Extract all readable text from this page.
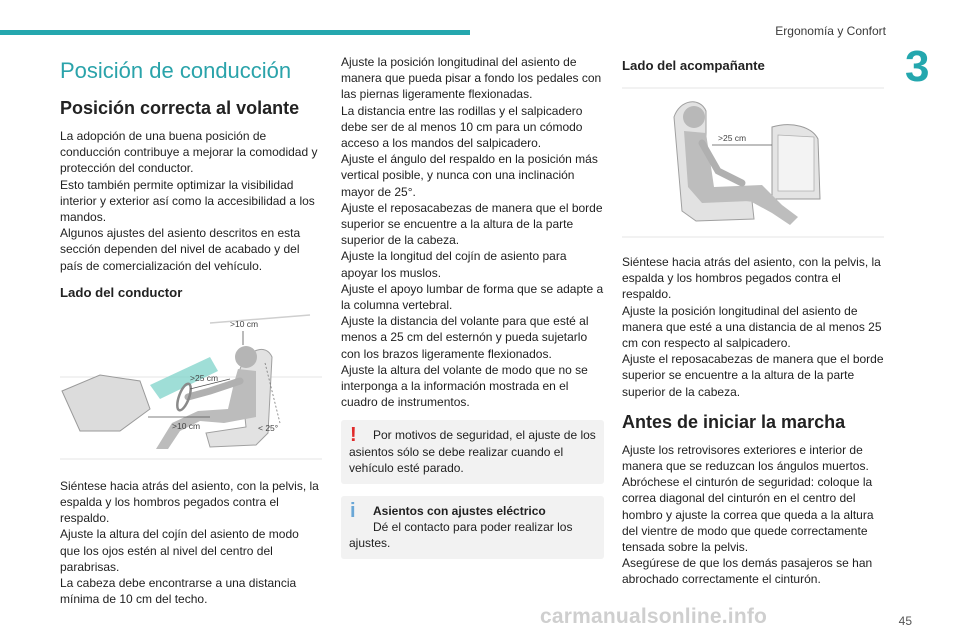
Ergonomía y Confort
3
Posición de conducción
Posición correcta al volante

La adopción de una buena posición de conducción contribuye a mejorar la comodidad y protección del conductor.

Esto también permite optimizar la visibilidad interior y exterior así como la accesibilidad a los mandos.

Algunos ajustes del asiento descritos en esta sección dependen del nivel de acabado y del país de comercialización del vehículo.

Lado del conductor
>10 cm
>25 cm
>10 cm	< 25°

Siéntese hacia atrás del asiento, con la pelvis, la espalda y los hombros pegados contra el respaldo.

Ajuste la altura del cojín del asiento de modo que los ojos estén al nivel del centro del parabrisas.

La cabeza debe encontrarse a una distancia mínima de 10 cm del techo.

Ajuste la posición longitudinal del asiento de manera que pueda pisar a fondo los pedales con las piernas ligeramente flexionadas.

La distancia entre las rodillas y el salpicadero debe ser de al menos 10 cm para un cómodo acceso a los mandos del salpicadero.

Ajuste el ángulo del respaldo en la posición más vertical posible, y nunca con una inclinación mayor de 25°.

Ajuste el reposacabezas de manera que el borde superior se encuentre a la altura de la parte superior de la cabeza.

Ajuste la longitud del cojín de asiento para apoyar los muslos.

Ajuste el apoyo lumbar de forma que se adapte a la columna vertebral.

Ajuste la distancia del volante para que esté al menos a 25 cm del esternón y pueda sujetarlo con los brazos ligeramente flexionados.

Ajuste la altura del volante de modo que no se interponga a la información mostrada en el cuadro de instrumentos.

!	Por motivos de seguridad, el ajuste de los asientos sólo se debe realizar cuando el vehículo esté parado.

i	Asientos con ajustes eléctrico

Dé el contacto para poder realizar los ajustes.

Lado del acompañante
>25 cm

Siéntese hacia atrás del asiento, con la pelvis, la espalda y los hombros pegados contra el respaldo.

Ajuste la posición longitudinal del asiento de manera que esté a una distancia de al menos 25 cm con respecto al salpicadero.

Ajuste el reposacabezas de manera que el borde superior se encuentre a la altura de la parte superior de la cabeza.

Antes de iniciar la marcha

Ajuste los retrovisores exteriores e interior de manera que se reduzcan los ángulos muertos.

Abróchese el cinturón de seguridad: coloque la correa diagonal del cinturón en el centro del hombro y ajuste la correa que queda a la altura del vientre de modo que quede correctamente tensada sobre la pelvis.

Asegúrese de que los demás pasajeros se han abrochado correctamente el cinturón.

carmanualsonline.info	45
